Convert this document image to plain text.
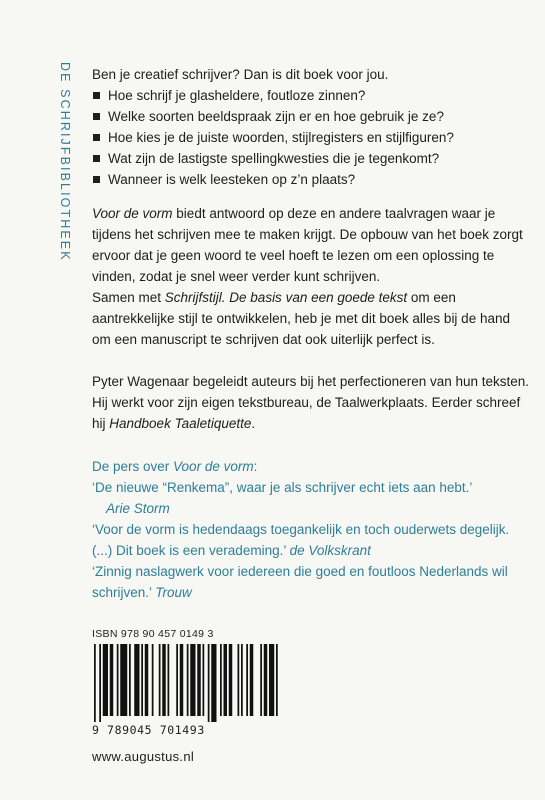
DE SCHRIJFBIBLIOTHEEK Ben je creatief schrijver? Dan is dit boek voor jou.

Hoe schrijf je glasheldere, foutloze zinnen?
Welke soorten beeldspraak zijn er en hoe gebruik je ze?
Hoe kies je de juiste woorden, stijlregisters en stijlfiguren?
Wat zijn de lastigste spellingkwesties die je tegenkomt?
Wanneer is welk leesteken op z’n plaats?

Voor de vorm biedt antwoord op deze en andere taalvragen waar je tijdens het schrijven mee te maken krijgt. De opbouw van het boek zorgt ervoor dat je geen woord te veel hoeft te lezen om een oplossing te vinden, zodat je snel weer verder kunt schrijven.

Samen met Schrijfstijl. De basis van een goede tekst om een aantrekkelijke stijl te ontwikkelen, heb je met dit boek alles bij de hand om een manuscript te schrijven dat ook uiterlijk perfect is.

Pyter Wagenaar begeleidt auteurs bij het perfectioneren van hun teksten. Hij werkt voor zijn eigen tekstbureau, de Taalwerkplaats. Eerder schreef hij Handboek Taaletiquette.

De pers over Voor de vorm:

‘De nieuwe “Renkema”, waar je als schrijver echt iets aan hebt.’

Arie Storm

‘Voor de vorm is hedendaags toegankelijk en toch ouderwets degelijk. (...) Dit boek is een verademing.’ de Volkskrant

‘Zinnig naslagwerk voor iedereen die goed en foutloos Nederlands wil schrijven.’ Trouw

ISBN 978 90 457 0149 3

9 789045 701493
www.augustus.nl
